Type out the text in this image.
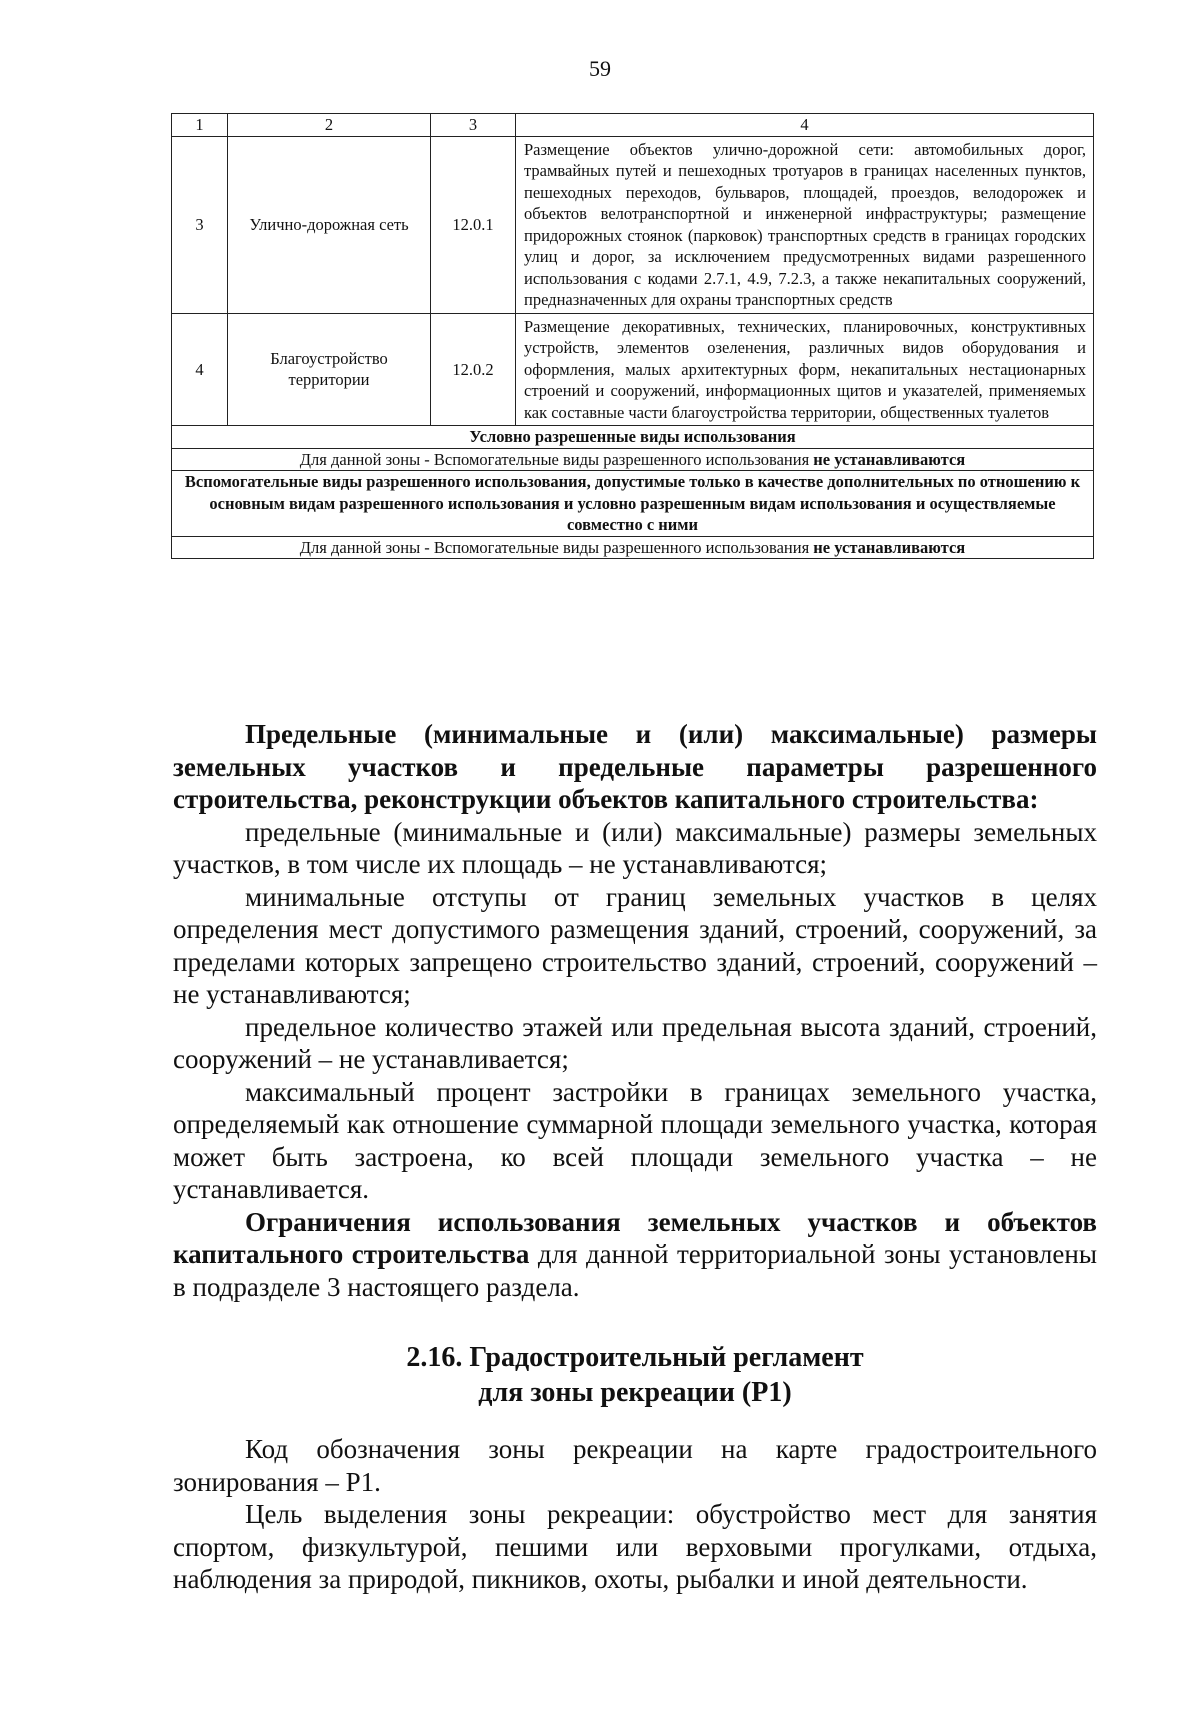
59
1	2	3	4
3	Улично-дорожная сеть	12.0.1	Размещение объектов улично-дорожной сети: автомобильных дорог, трамвайных путей и пешеходных тротуаров в границах населенных пунктов, пешеходных переходов, бульваров, площадей, проездов, велодорожек и объектов велотранспортной и инженерной инфраструктуры; размещение придорожных стоянок (парковок) транспортных средств в границах городских улиц и дорог, за исключением предусмотренных видами разрешенного использования с кодами 2.7.1, 4.9, 7.2.3, а также некапитальных сооружений, предназначенных для охраны транспортных средств
4	Благоустройство территории	12.0.2	Размещение декоративных, технических, планировочных, конструктивных устройств, элементов озеленения, различных видов оборудования и оформления, малых архитектурных форм, некапитальных нестационарных строений и сооружений, информационных щитов и указателей, применяемых как составные части благоустройства территории, общественных туалетов
Условно разрешенные виды использования			
Для данной зоны - Вспомогательные виды разрешенного использования не устанавливаются			
Вспомогательные виды разрешенного использования, допустимые только в качестве дополнительных по отношению к основным видам разрешенного использования и условно разрешенным видам использования и осуществляемые совместно с ними			
Для данной зоны - Вспомогательные виды разрешенного использования не устанавливаются			

Предельные (минимальные и (или) максимальные) размеры земельных участков и предельные параметры разрешенного строительства, реконструкции объектов капитального строительства:

предельные (минимальные и (или) максимальные) размеры земельных участков, в том числе их площадь – не устанавливаются;

минимальные отступы от границ земельных участков в целях определения мест допустимого размещения зданий, строений, сооружений, за пределами которых запрещено строительство зданий, строений, сооружений – не устанавливаются;

предельное количество этажей или предельная высота зданий, строений, сооружений – не устанавливается;

максимальный процент застройки в границах земельного участка, определяемый как отношение суммарной площади земельного участка, которая может быть застроена, ко всей площади земельного участка – не устанавливается.

Ограничения использования земельных участков и объектов капитального строительства для данной территориальной зоны установлены в подразделе 3 настоящего раздела.

2.16. Градостроительный регламент
для зоны рекреации (Р1)

Код обозначения зоны рекреации на карте градостроительного зонирования – Р1.

Цель выделения зоны рекреации: обустройство мест для занятия спортом, физкультурой, пешими или верховыми прогулками, отдыха, наблюдения за природой, пикников, охоты, рыбалки и иной деятельности.
